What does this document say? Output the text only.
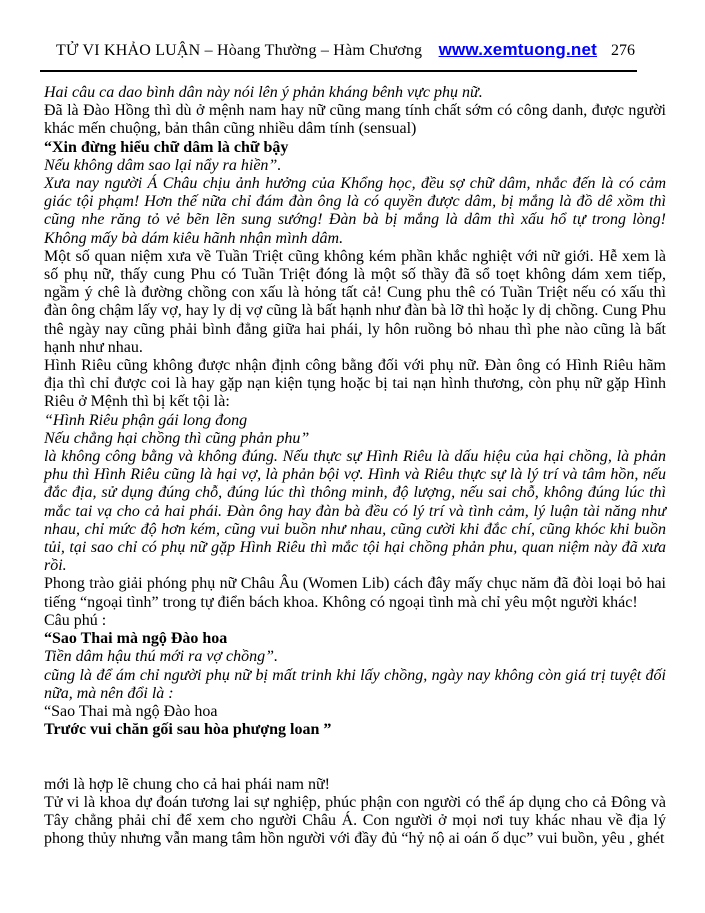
TỬ VI KHẢO LUẬN – Hòang Thường – Hàm Chương www.xemtuong.net 276

Hai câu ca dao bình dân này nói lên ý phản kháng bênh vực phụ nữ.

Đã là Đào Hồng thì dù ở mệnh nam hay nữ cũng mang tính chất sớm có công danh, được người khác mến chuộng, bản thân cũng nhiều dâm tính (sensual)

“Xin đừng hiểu chữ dâm là chữ bậy

Nếu không dâm sao lại nẩy ra hiền”.

Xưa nay người Á Châu chịu ảnh hưởng của Khổng học, đều sợ chữ dâm, nhắc đến là có cảm giác tội phạm! Hơn thế nữa chỉ đám đàn ông là có quyền được dâm, bị mắng là đồ dê xồm thì cũng nhe răng tỏ vẻ bẽn lẽn sung sướng! Đàn bà bị mắng là dâm thì xấu hổ tự trong lòng! Không mấy bà dám kiêu hãnh nhận mình dâm.

Một số quan niệm xưa về Tuần Triệt cũng không kém phần khắc nghiệt với nữ giới. Hễ xem là số phụ nữ, thấy cung Phu có Tuần Triệt đóng là một số thầy đã sổ toẹt không dám xem tiếp, ngầm ý chê là đường chồng con xấu là hỏng tất cả! Cung phu thê có Tuần Triệt nếu có xấu thì đàn ông chậm lấy vợ, hay ly dị vợ cũng là bất hạnh như đàn bà lỡ thì hoặc ly dị chồng. Cung Phu thê ngày nay cũng phải bình đẳng giữa hai phái, ly hôn ruồng bỏ nhau thì phe nào cũng là bất hạnh như nhau.

Hình Riêu cũng không được nhận định công bằng đối với phụ nữ. Đàn ông có Hình Riêu hãm địa thì chỉ được coi là hay gặp nạn kiện tụng hoặc bị tai nạn hình thương, còn phụ nữ gặp Hình Riêu ở Mệnh thì bị kết tội là:

“Hình Riêu phận gái long đong

Nếu chẳng hại chồng thì cũng phản phu”

là không công bằng và không đúng. Nếu thực sự Hình Riêu là dấu hiệu của hại chồng, là phản phu thì Hình Riêu cũng là hại vợ, là phản bội vợ. Hình và Riêu thực sự là lý trí và tâm hồn, nếu đắc địa, sử dụng đúng chỗ, đúng lúc thì thông minh, độ lượng, nếu sai chỗ, không đúng lúc thì mắc tai vạ cho cả hai phái. Đàn ông hay đàn bà đều có lý trí và tình cảm, lý luận tài năng như nhau, chỉ mức độ hơn kém, cũng vui buồn như nhau, cũng cười khi đắc chí, cũng khóc khi buồn tủi, tại sao chỉ có phụ nữ gặp Hình Riêu thì mắc tội hại chồng phản phu, quan niệm này đã xưa rồi.

Phong trào giải phóng phụ nữ Châu Âu (Women Lib) cách đây mấy chục năm đã đòi loại bỏ hai tiếng “ngoại tình” trong tự điển bách khoa. Không có ngoại tình mà chỉ yêu một người khác!

Câu phú :

“Sao Thai mà ngộ Đào hoa

Tiền dâm hậu thú mới ra vợ chồng”.

cũng là để ám chỉ người phụ nữ bị mất trinh khi lấy chồng, ngày nay không còn giá trị tuyệt đối nữa, mà nên đổi là :

“Sao Thai mà ngộ Đào hoa

Trước vui chăn gối sau hòa phượng loan ”

mới là hợp lẽ chung cho cả hai phái nam nữ!

Tử vi là khoa dự đoán tương lai sự nghiệp, phúc phận con người có thể áp dụng cho cả Đông và Tây chẳng phải chỉ để xem cho người Châu Á. Con người ở mọi nơi tuy khác nhau về địa lý phong thủy nhưng vẫn mang tâm hồn người với đầy đủ “hỷ nộ ai oán ố dục” vui buồn, yêu , ghét
